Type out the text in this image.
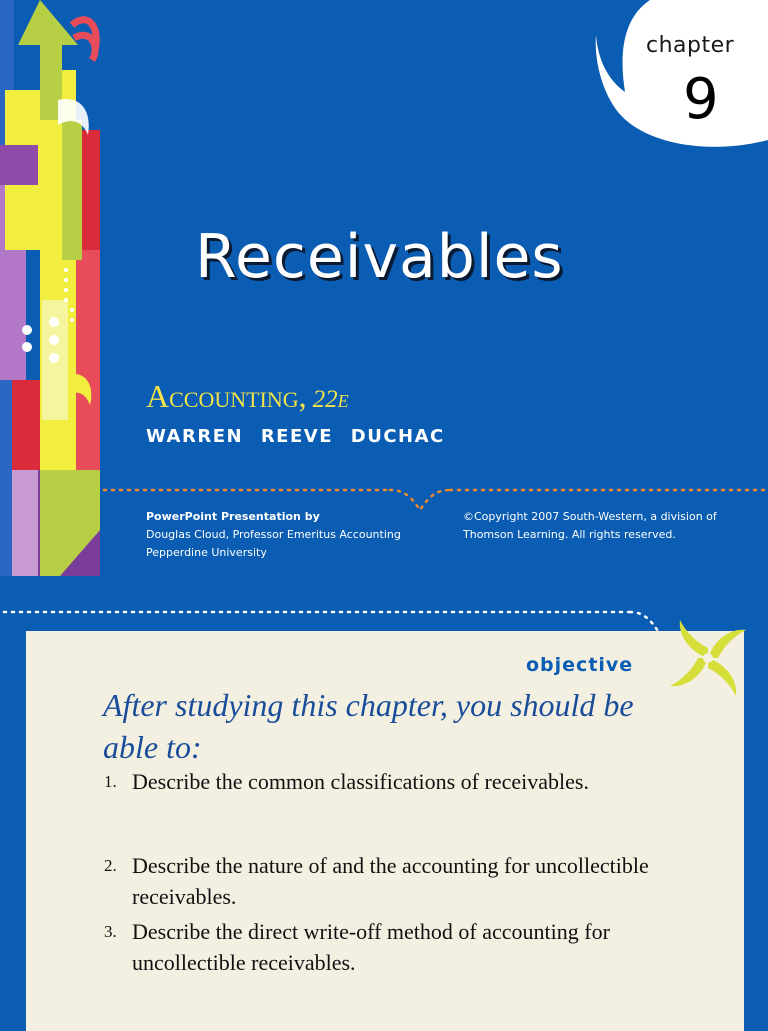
chapter
9
Receivables
Accounting, 22e
WARREN REEVE DUCHAC
PowerPoint Presentation by
Douglas Cloud, Professor Emeritus Accounting
Pepperdine University
©Copyright 2007 South-Western, a division of
Thomson Learning. All rights reserved.
objective
After studying this chapter, you should be able to:
1. Describe the common classifications of receivables.
2. Describe the nature of and the accounting for uncollectible receivables.
3. Describe the direct write-off method of accounting for uncollectible receivables.
